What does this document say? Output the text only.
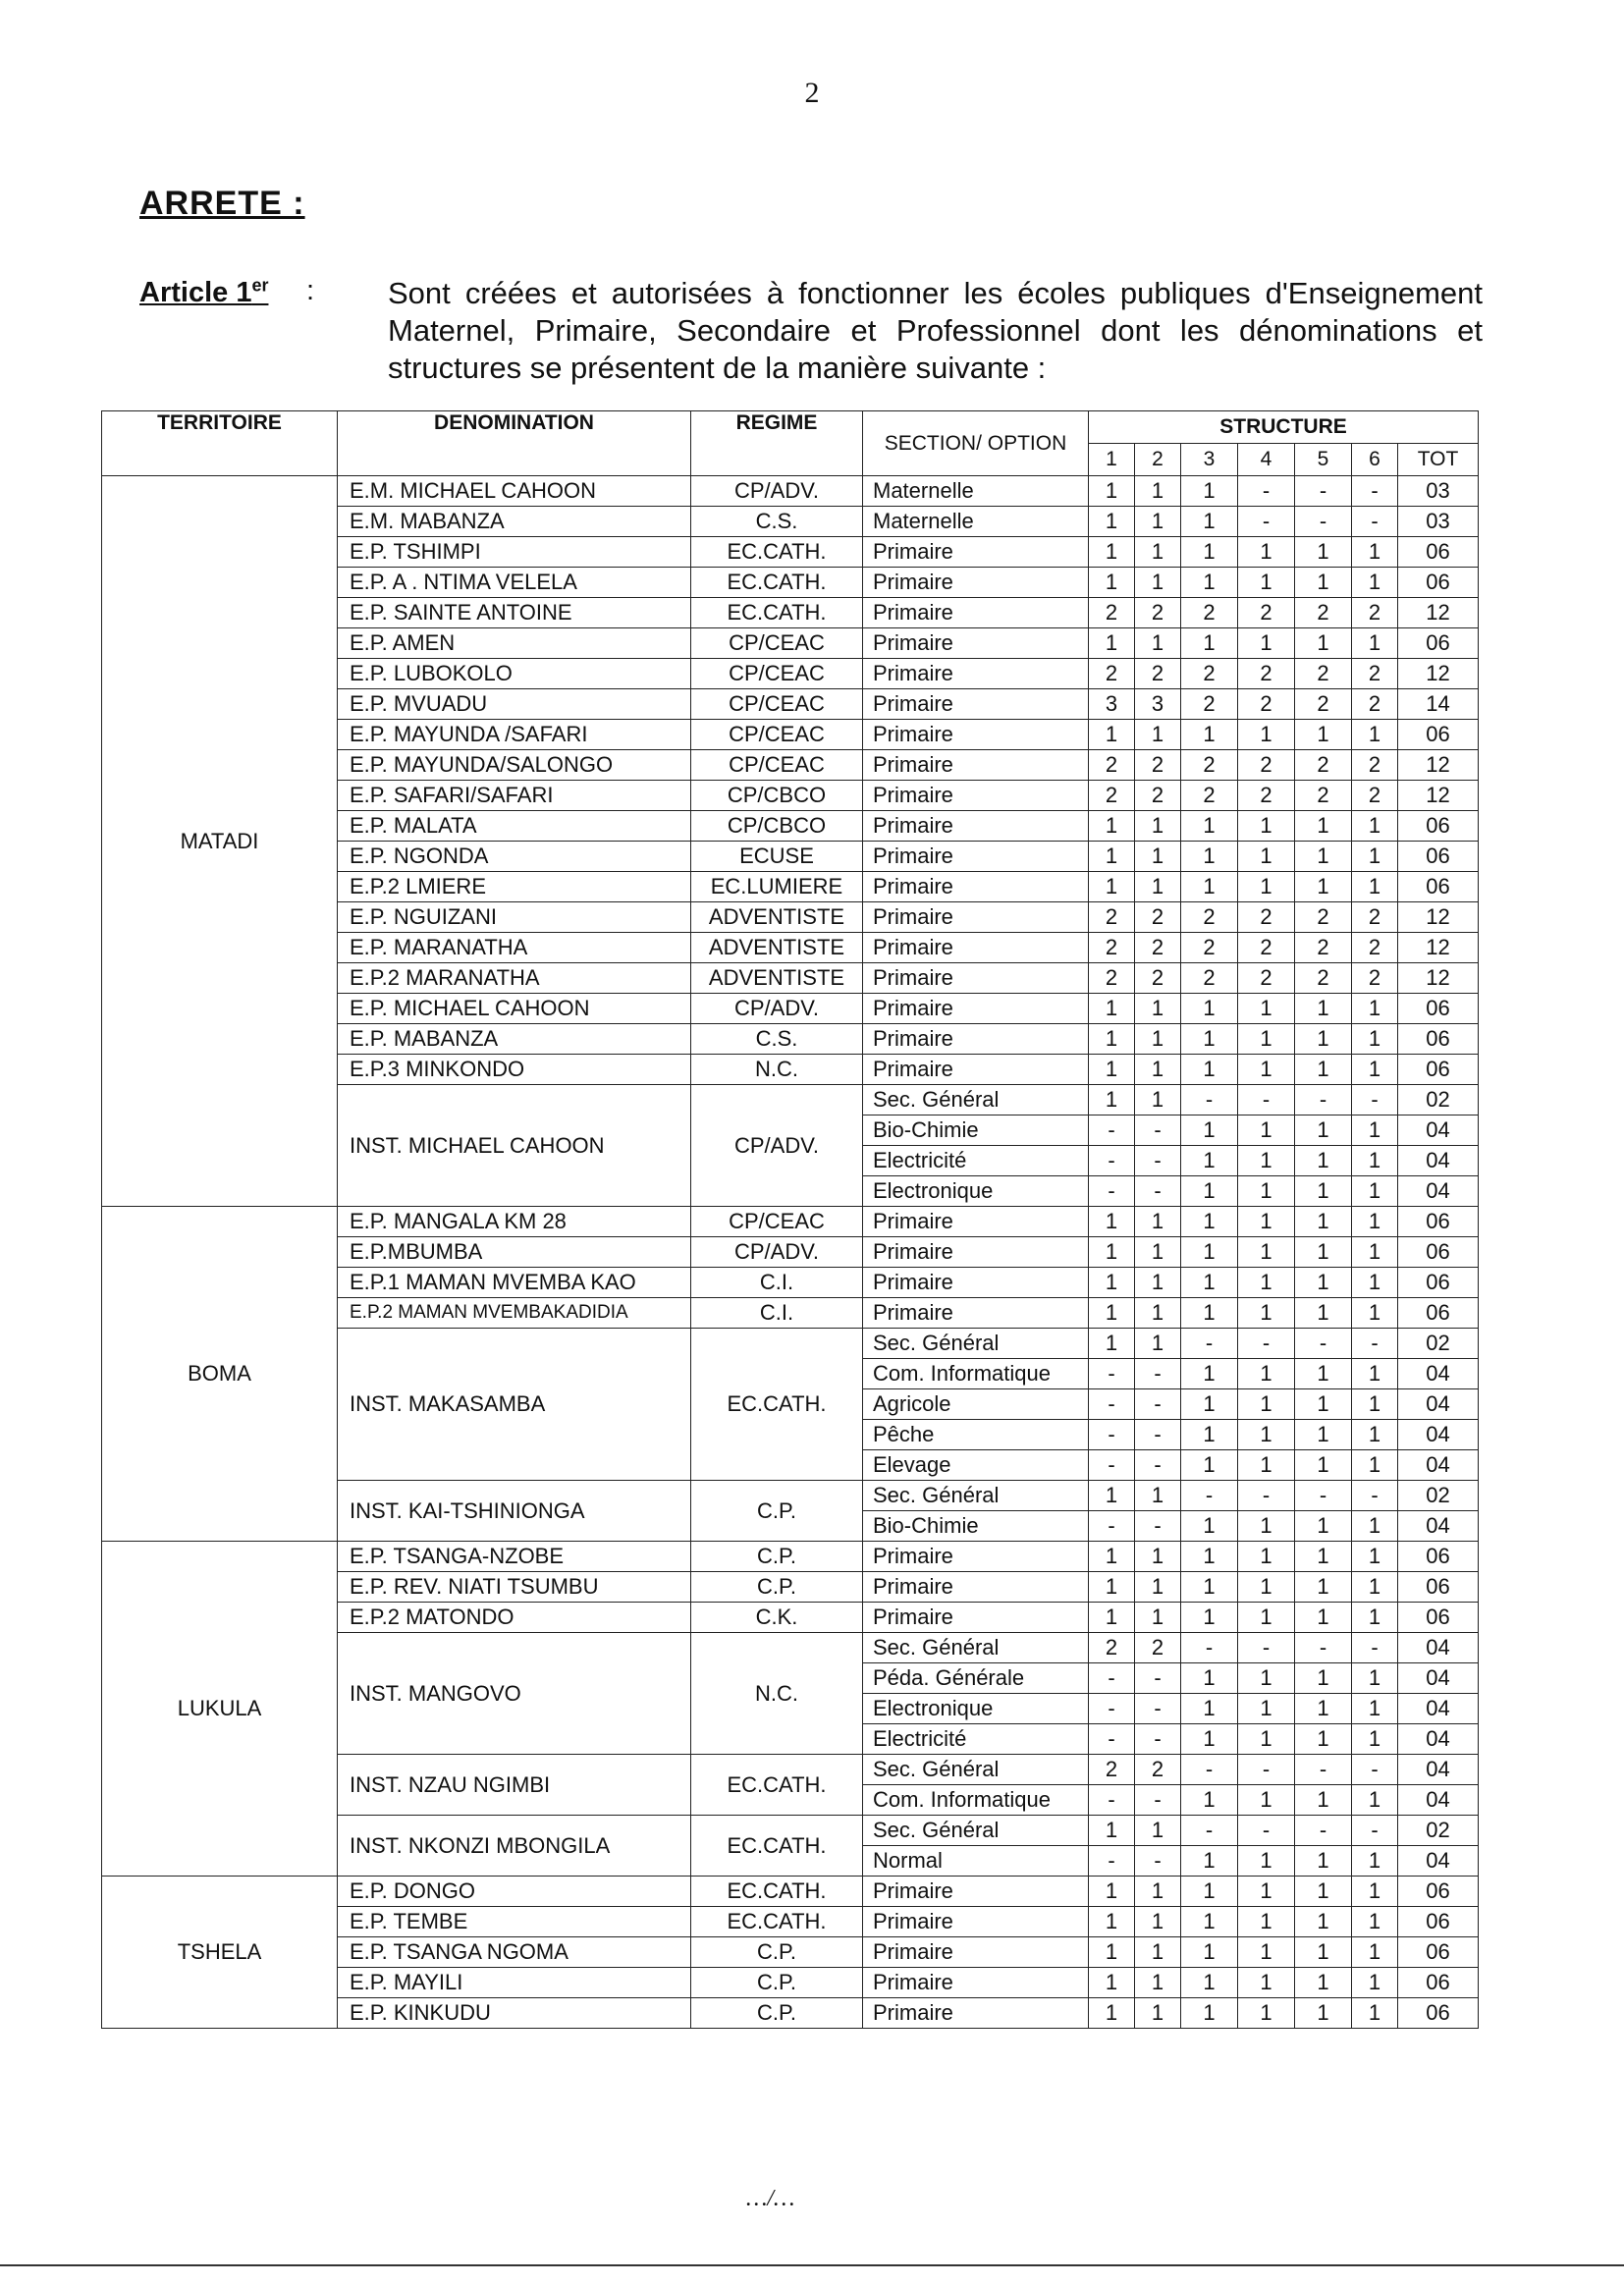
2
ARRETE :
Article 1er : Sont créées et autorisées à fonctionner les écoles publiques d'Enseignement Maternel, Primaire, Secondaire et Professionnel dont les dénominations et structures se présentent de la manière suivante :
TERRITOIRE	DENOMINATION	REGIME	SECTION/ OPTION	STRUCTURE						
				1	2	3	4	5	6	TOT
MATADI	E.M. MICHAEL CAHOON	CP/ADV.	Maternelle	1	1	1	-	-	-	03
	E.M. MABANZA	C.S.	Maternelle	1	1	1	-	-	-	03
	E.P. TSHIMPI	EC.CATH.	Primaire	1	1	1	1	1	1	06
	E.P. A . NTIMA VELELA	EC.CATH.	Primaire	1	1	1	1	1	1	06
	E.P. SAINTE ANTOINE	EC.CATH.	Primaire	2	2	2	2	2	2	12
	E.P. AMEN	CP/CEAC	Primaire	1	1	1	1	1	1	06
	E.P. LUBOKOLO	CP/CEAC	Primaire	2	2	2	2	2	2	12
	E.P. MVUADU	CP/CEAC	Primaire	3	3	2	2	2	2	14
	E.P. MAYUNDA /SAFARI	CP/CEAC	Primaire	1	1	1	1	1	1	06
	E.P. MAYUNDA/SALONGO	CP/CEAC	Primaire	2	2	2	2	2	2	12
	E.P. SAFARI/SAFARI	CP/CBCO	Primaire	2	2	2	2	2	2	12
	E.P. MALATA	CP/CBCO	Primaire	1	1	1	1	1	1	06
	E.P. NGONDA	ECUSE	Primaire	1	1	1	1	1	1	06
	E.P.2 LMIERE	EC.LUMIERE	Primaire	1	1	1	1	1	1	06
	E.P. NGUIZANI	ADVENTISTE	Primaire	2	2	2	2	2	2	12
	E.P. MARANATHA	ADVENTISTE	Primaire	2	2	2	2	2	2	12
	E.P.2 MARANATHA	ADVENTISTE	Primaire	2	2	2	2	2	2	12
	E.P. MICHAEL CAHOON	CP/ADV.	Primaire	1	1	1	1	1	1	06
	E.P. MABANZA	C.S.	Primaire	1	1	1	1	1	1	06
	E.P.3 MINKONDO	N.C.	Primaire	1	1	1	1	1	1	06
	INST. MICHAEL CAHOON	CP/ADV.	Sec. Général	1	1	-	-	-	-	02
			Bio-Chimie	-	-	1	1	1	1	04
			Electricité	-	-	1	1	1	1	04
			Electronique	-	-	1	1	1	1	04
BOMA	E.P. MANGALA KM 28	CP/CEAC	Primaire	1	1	1	1	1	1	06
	E.P.MBUMBA	CP/ADV.	Primaire	1	1	1	1	1	1	06
	E.P.1 MAMAN MVEMBA KAO	C.I.	Primaire	1	1	1	1	1	1	06
	E.P.2 MAMAN MVEMBAKADIDIA	C.I.	Primaire	1	1	1	1	1	1	06
	INST. MAKASAMBA	EC.CATH.	Sec. Général	1	1	-	-	-	-	02
			Com. Informatique	-	-	1	1	1	1	04
			Agricole	-	-	1	1	1	1	04
			Pêche	-	-	1	1	1	1	04
			Elevage	-	-	1	1	1	1	04
	INST. KAI-TSHINIONGA	C.P.	Sec. Général	1	1	-	-	-	-	02
			Bio-Chimie	-	-	1	1	1	1	04
LUKULA	E.P. TSANGA-NZOBE	C.P.	Primaire	1	1	1	1	1	1	06
	E.P. REV. NIATI TSUMBU	C.P.	Primaire	1	1	1	1	1	1	06
	E.P.2 MATONDO	C.K.	Primaire	1	1	1	1	1	1	06
	INST. MANGOVO	N.C.	Sec. Général	2	2	-	-	-	-	04
			Péda. Générale	-	-	1	1	1	1	04
			Electronique	-	-	1	1	1	1	04
			Electricité	-	-	1	1	1	1	04
	INST. NZAU NGIMBI	EC.CATH.	Sec. Général	2	2	-	-	-	-	04
			Com. Informatique	-	-	1	1	1	1	04
	INST. NKONZI MBONGILA	EC.CATH.	Sec. Général	1	1	-	-	-	-	02
			Normal	-	-	1	1	1	1	04
TSHELA	E.P. DONGO	EC.CATH.	Primaire	1	1	1	1	1	1	06
	E.P. TEMBE	EC.CATH.	Primaire	1	1	1	1	1	1	06
	E.P. TSANGA NGOMA	C.P.	Primaire	1	1	1	1	1	1	06
	E.P. MAYILI	C.P.	Primaire	1	1	1	1	1	1	06
	E.P. KINKUDU	C.P.	Primaire	1	1	1	1	1	1	06
…/…
